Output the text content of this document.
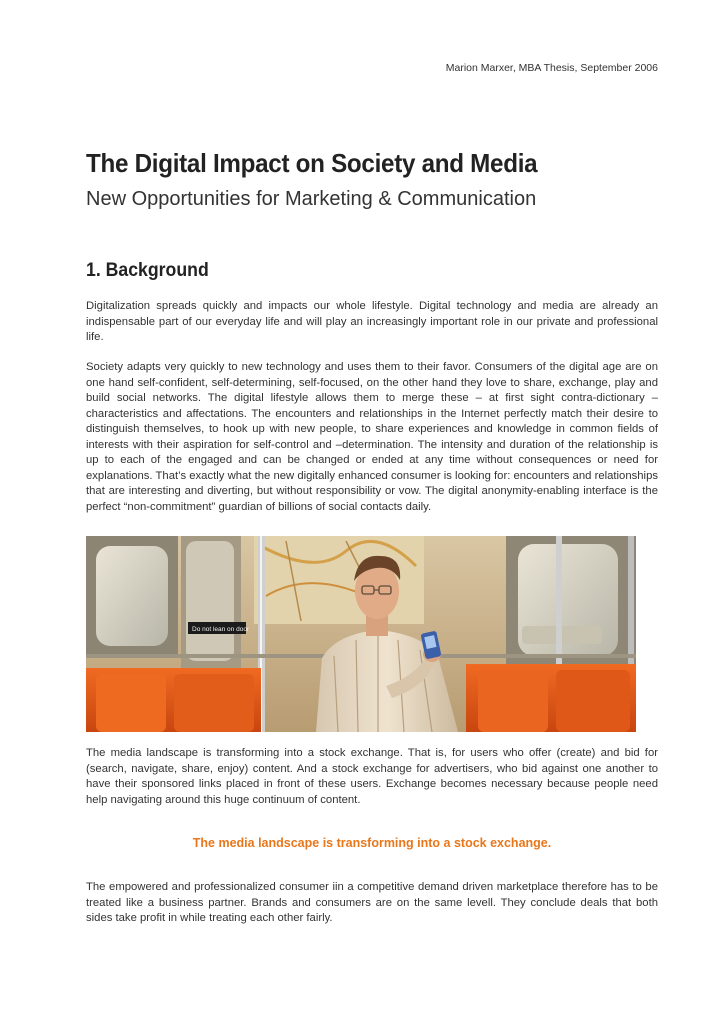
Marion Marxer, MBA Thesis, September 2006
The Digital Impact on Society and Media
New Opportunities for Marketing & Communication
1. Background

Digitalization spreads quickly and impacts our whole lifestyle. Digital technology and media are already an indispensable part of our everyday life and will play an increasingly important role in our private and professional life.

Society adapts very quickly to new technology and uses them to their favor. Consumers of the digital age are on one hand self-confident, self-determining, self-focused, on the other hand they love to share, exchange, play and build social networks. The digital lifestyle allows them to merge these – at first sight contra-dictionary – characteristics and affectations. The encounters and relationships in the Internet perfectly match their desire to distinguish themselves, to hook up with new people, to share experiences and knowledge in common fields of interests with their aspiration for self-control and –determination. The intensity and duration of the relationship is up to each of the engaged and can be changed or ended at any time without consequences or need for explanations. That’s exactly what the new digitally enhanced consumer is looking for: encounters and relationships that are interesting and diverting, but without responsibility or vow. The digital anonymity-enabling interface is the perfect “non-commitment” guardian of billions of social contacts daily.

Do not lean on door

The media landscape is transforming into a stock exchange. That is, for users who offer (create) and bid for (search, navigate, share, enjoy) content. And a stock exchange for advertisers, who bid against one another to have their sponsored links placed in front of these users. Exchange becomes necessary because people need help navigating around this huge continuum of content.

The media landscape is transforming into a stock exchange.

The empowered and professionalized consumer iin a competitive demand driven marketplace therefore has to be treated like a business partner. Brands and consumers are on the same levell. They conclude deals that both sides take profit in while treating each other fairly.
